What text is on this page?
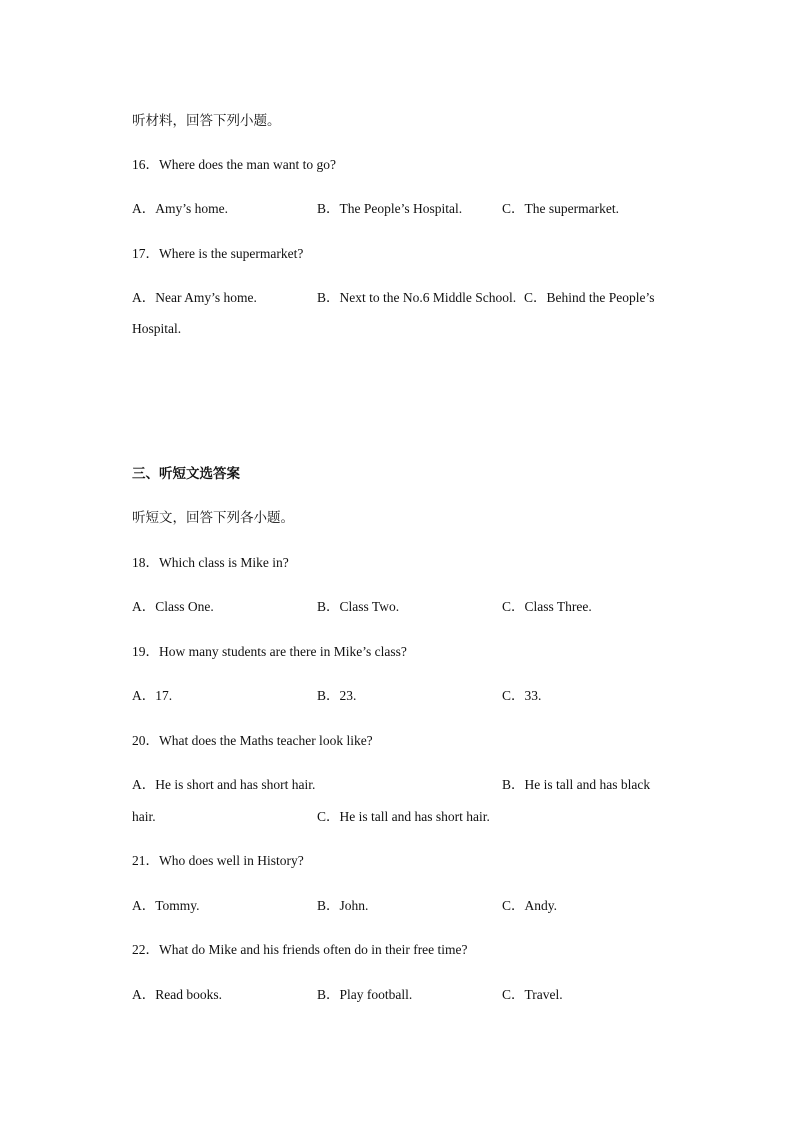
听材料，回答下列小题。
16．Where does the man want to go?
A．Amy’s home.	B．The People’s Hospital.	C．The supermarket.
17．Where is the supermarket?
A．Near Amy’s home.	B．Next to the No.6 Middle School. C．Behind the People’s
Hospital.
三、听短文选答案
听短文，回答下列各小题。
18．Which class is Mike in?
A．Class One.	B．Class Two.	C．Class Three.
19．How many students are there in Mike’s class?
A．17.	B．23.	C．33.
20．What does the Maths teacher look like?
A．He is short and has short hair.	B．He is tall and has black
hair.	C．He is tall and has short hair.
21．Who does well in History?
A．Tommy.	B．John.	C．Andy.
22．What do Mike and his friends often do in their free time?
A．Read books.	B．Play football.	C．Travel.
